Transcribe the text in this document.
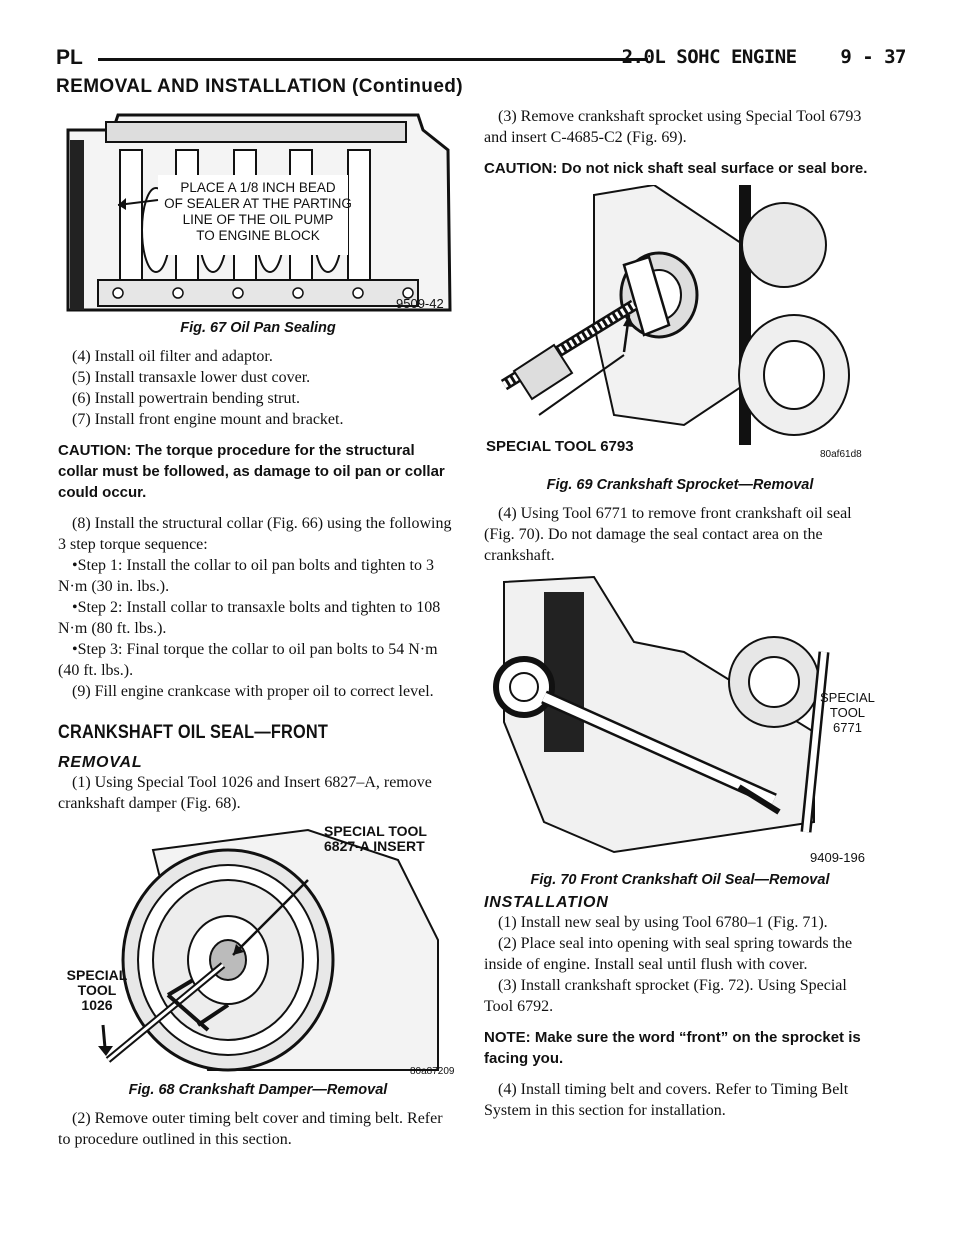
PL	2.0L SOHC ENGINE    9 - 37
REMOVAL AND INSTALLATION (Continued)
PLACE A 1/8 INCH BEAD
OF SEALER AT THE PARTING
LINE OF THE OIL PUMP
TO ENGINE BLOCK
9509-42
Fig. 67 Oil Pan Sealing

(4) Install oil filter and adaptor.

(5) Install transaxle lower dust cover.

(6) Install powertrain bending strut.

(7) Install front engine mount and bracket.

CAUTION: The torque procedure for the structural collar must be followed, as damage to oil pan or collar could occur.

(8) Install the structural collar (Fig. 66) using the following 3 step torque sequence:

•Step 1: Install the collar to oil pan bolts and tighten to 3 N·m (30 in. lbs.).

•Step 2: Install collar to transaxle bolts and tighten to 108 N·m (80 ft. lbs.).

•Step 3: Final torque the collar to oil pan bolts to 54 N·m (40 ft. lbs.).

(9) Fill engine crankcase with proper oil to correct level.

CRANKSHAFT OIL SEAL—FRONT
REMOVAL

(1) Using Special Tool 1026 and Insert 6827–A, remove crankshaft damper (Fig. 68).

SPECIAL TOOL
6827-A INSERT
SPECIAL
TOOL
1026
80a87209
Fig. 68 Crankshaft Damper—Removal

(2) Remove outer timing belt cover and timing belt. Refer to procedure outlined in this section.

(3) Remove crankshaft sprocket using Special Tool 6793 and insert C-4685-C2 (Fig. 69).

CAUTION: Do not nick shaft seal surface or seal bore.

SPECIAL TOOL 6793	80af61d8
Fig. 69 Crankshaft Sprocket—Removal

(4) Using Tool 6771 to remove front crankshaft oil seal (Fig. 70). Do not damage the seal contact area on the crankshaft.

SPECIAL
TOOL
6771
9409-196
Fig. 70 Front Crankshaft Oil Seal—Removal
INSTALLATION

(1) Install new seal by using Tool 6780–1 (Fig. 71).

(2) Place seal into opening with seal spring towards the inside of engine. Install seal until flush with cover.

(3) Install crankshaft sprocket (Fig. 72). Using Special Tool 6792.

NOTE: Make sure the word “front” on the sprocket is facing you.

(4) Install timing belt and covers. Refer to Timing Belt System in this section for installation.
